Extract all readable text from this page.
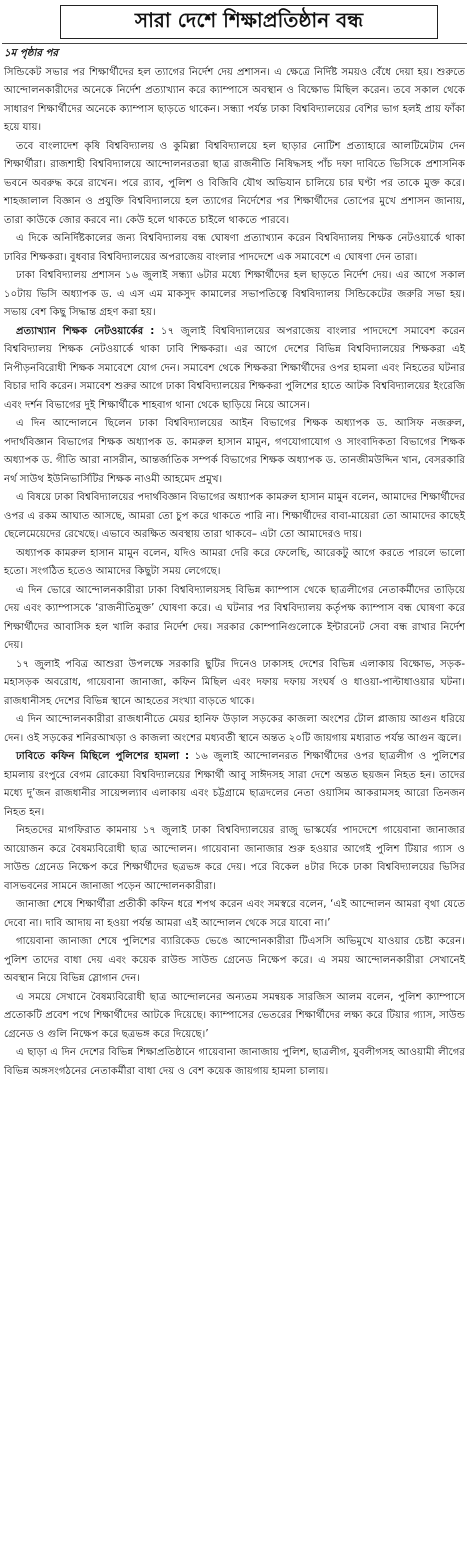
সারা দেশে শিক্ষাপ্রতিষ্ঠান বন্ধ

১ম পৃষ্ঠার পর

সিন্ডিকেট সভার পর শিক্ষার্থীদের হল ত্যাগের নির্দেশ দেয় প্রশাসন। এ ক্ষেত্রে নির্দিষ্ট সময়ও বেঁধে দেয়া হয়। শুরুতে আন্দোলনকারীদের অনেকে নির্দেশ প্রত্যাখ্যান করে ক্যাম্পাসে অবস্থান ও বিক্ষোভ মিছিল করেন। তবে সকাল থেকে সাধারণ শিক্ষার্থীদের অনেকে ক্যাম্পাস ছাড়তে থাকেন। সন্ধ্যা পর্যন্ত ঢাকা বিশ্ববিদ্যালয়ের বেশির ভাগ হলই প্রায় ফাঁকা হয়ে যায়।

তবে বাংলাদেশ কৃষি বিশ্ববিদ্যালয় ও কুমিল্লা বিশ্ববিদ্যালয়ে হল ছাড়ার নোটিশ প্রত্যাহারে আলটিমেটাম দেন শিক্ষার্থীরা। রাজশাহী বিশ্ববিদ্যালয়ে আন্দোলনরতরা ছাত্র রাজনীতি নিষিদ্ধসহ পাঁচ দফা দাবিতে ভিসিকে প্রশাসনিক ভবনে অবরুদ্ধ করে রাখেন। পরে র‌্যাব, পুলিশ ও বিজিবি যৌথ অভিযান চালিয়ে চার ঘণ্টা পর তাকে মুক্ত করে। শাহজালাল বিজ্ঞান ও প্রযুক্তি বিশ্ববিদ্যালয়ে হল ত্যাগের নির্দেশের পর শিক্ষার্থীদের তোপের মুখে প্রশাসন জানায়, তারা কাউকে জোর করবে না। কেউ হলে থাকতে চাইলে থাকতে পারবে।

এ দিকে অনির্দিষ্টকালের জন্য বিশ্ববিদ্যালয় বন্ধ ঘোষণা প্রত্যাখ্যান করেন বিশ্ববিদ্যালয় শিক্ষক নেটওয়ার্কে থাকা ঢাবির শিক্ষকরা। বুধবার বিশ্ববিদ্যালয়ের অপরাজেয় বাংলার পাদদেশে এক সমাবেশে এ ঘোষণা দেন তারা।

ঢাকা বিশ্ববিদ্যালয় প্রশাসন ১৬ জুলাই সন্ধ্যা ৬টার মধ্যে শিক্ষার্থীদের হল ছাড়তে নির্দেশ দেয়। এর আগে সকাল ১০টায় ভিসি অধ্যাপক ড. এ এস এম মাকসুদ কামালের সভাপতিত্বে বিশ্ববিদ্যালয় সিন্ডিকেটের জরুরি সভা হয়। সভায় বেশ কিছু সিদ্ধান্ত গ্রহণ করা হয়।

প্রত্যাখ্যান শিক্ষক নেটওয়ার্কের : ১৭ জুলাই বিশ্ববিদ্যালয়ের অপরাজেয় বাংলার পাদদেশে সমাবেশ করেন বিশ্ববিদ্যালয় শিক্ষক নেটওয়ার্কে থাকা ঢাবি শিক্ষকরা। এর আগে দেশের বিভিন্ন বিশ্ববিদ্যালয়ের শিক্ষকরা এই নিপীড়নবিরোধী শিক্ষক সমাবেশে যোগ দেন। সমাবেশ থেকে শিক্ষকরা শিক্ষার্থীদের ওপর হামলা এবং নিহতের ঘটনার বিচার দাবি করেন। সমাবেশ শুরুর আগে ঢাকা বিশ্ববিদ্যালয়ের শিক্ষকরা পুলিশের হাতে আটক বিশ্ববিদ্যালয়ের ইংরেজি এবং দর্শন বিভাগের দুই শিক্ষার্থীকে শাহবাগ থানা থেকে ছাড়িয়ে নিয়ে আসেন।

এ দিন আন্দোলনে ছিলেন ঢাকা বিশ্ববিদ্যালয়ের আইন বিভাগের শিক্ষক অধ্যাপক ড. আসিফ নজরুল, পদার্থবিজ্ঞান বিভাগের শিক্ষক অধ্যাপক ড. কামরুল হাসান মামুন, গণযোগাযোগ ও সাংবাদিকতা বিভাগের শিক্ষক অধ্যাপক ড. গীতি আরা নাসরীন, আন্তর্জাতিক সম্পর্ক বিভাগের শিক্ষক অধ্যাপক ড. তানজীমউদ্দিন খান, বেসরকারি নর্থ সাউথ ইউনিভার্সিটির শিক্ষক নাওমী আহমেদ প্রমুখ।

এ বিষয়ে ঢাকা বিশ্ববিদ্যালয়ের পদার্থবিজ্ঞান বিভাগের অধ্যাপক কামরুল হাসান মামুন বলেন, আমাদের শিক্ষার্থীদের ওপর এ রকম আঘাত আসছে, আমরা তো চুপ করে থাকতে পারি না। শিক্ষার্থীদের বাবা-মায়েরা তো আমাদের কাছেই ছেলেমেয়েদের রেখেছে। এভাবে অরক্ষিত অবস্থায় তারা থাকবে– এটা তো আমাদেরও দায়।

অধ্যাপক কামরুল হাসান মামুন বলেন, যদিও আমরা দেরি করে ফেলেছি, আরেকটু আগে করতে পারলে ভালো হতো। সংগঠিত হতেও আমাদের কিছুটা সময় লেগেছে।

এ দিন ভোরে আন্দোলনকারীরা ঢাকা বিশ্ববিদ্যালয়সহ বিভিন্ন ক্যাম্পাস থেকে ছাত্রলীগের নেতাকর্মীদের তাড়িয়ে দেয় এবং ক্যাম্পাসকে ‘রাজনীতিমুক্ত’ ঘোষণা করে। এ ঘটনার পর বিশ্ববিদ্যালয় কর্তৃপক্ষ ক্যাম্পাস বন্ধ ঘোষণা করে শিক্ষার্থীদের আবাসিক হল খালি করার নির্দেশ দেয়। সরকার কোম্পানিগুলোকে ইন্টারনেট সেবা বন্ধ রাখার নির্দেশ দেয়।

১৭ জুলাই পবিত্র আশুরা উপলক্ষে সরকারি ছুটির দিনেও ঢাকাসহ দেশের বিভিন্ন এলাকায় বিক্ষোভ, সড়ক-মহাসড়ক অবরোধ, গায়েবানা জানাজা, কফিন মিছিল এবং দফায় দফায় সংঘর্ষ ও ধাওয়া-পাল্টাধাওয়ার ঘটনা। রাজধানীসহ দেশের বিভিন্ন স্থানে আহতের সংখ্যা বাড়তে থাকে।

এ দিন আন্দোলনকারীরা রাজধানীতে মেয়র হানিফ উড়াল সড়কের কাজলা অংশের টোল প্লাজায় আগুন ধরিয়ে দেন। ওই সড়কের শনিরআখড়া ও কাজলা অংশের মধ্যবর্তী স্থানে অন্তত ২০টি জায়গায় মধ্যরাত পর্যন্ত আগুন জ্বলে।

ঢাবিতে কফিন মিছিলে পুলিশের হামলা : ১৬ জুলাই আন্দোলনরত শিক্ষার্থীদের ওপর ছাত্রলীগ ও পুলিশের হামলায় রংপুরে বেগম রোকেয়া বিশ্ববিদ্যালয়ের শিক্ষার্থী আবু সাঈদসহ সারা দেশে অন্তত ছয়জন নিহত হন। তাদের মধ্যে দু’জন রাজধানীর সায়েন্সল্যাব এলাকায় এবং চট্টগ্রামে ছাত্রদলের নেতা ওয়াসিম আকরামসহ আরো তিনজন নিহত হন।

নিহতদের মাগফিরাত কামনায় ১৭ জুলাই ঢাকা বিশ্ববিদ্যালয়ের রাজু ভাস্কর্যের পাদদেশে গায়েবানা জানাজার আয়োজন করে বৈষম্যবিরোধী ছাত্র আন্দোলন। গায়েবানা জানাজার শুরু হওয়ার আগেই পুলিশ টিয়ার গ্যাস ও সাউন্ড গ্রেনেড নিক্ষেপ করে শিক্ষার্থীদের ছত্রভঙ্গ করে দেয়। পরে বিকেল ৪টার দিকে ঢাকা বিশ্ববিদ্যালয়ের ভিসির বাসভবনের সামনে জানাজা পড়েন আন্দোলনকারীরা।

জানাজা শেষে শিক্ষার্থীরা প্রতীকী কফিন ধরে শপথ করেন এবং সমস্বরে বলেন, ‘এই আন্দোলন আমরা বৃথা যেতে দেবো না। দাবি আদায় না হওয়া পর্যন্ত আমরা এই আন্দোলন থেকে সরে যাবো না।’

গায়েবানা জানাজা শেষে পুলিশের ব্যারিকেড ভেঙে আন্দোনকারীরা টিএসসি অভিমুখে যাওয়ার চেষ্টা করেন। পুলিশ তাদের বাধা দেয় এবং কয়েক রাউন্ড সাউন্ড গ্রেনেড নিক্ষেপ করে। এ সময় আন্দোলনকারীরা সেখানেই অবস্থান নিয়ে বিভিন্ন স্লোগান দেন।

এ সময়ে সেখানে বৈষম্যবিরোধী ছাত্র আন্দোলনের অন্যতম সমন্বয়ক সারজিস আলম বলেন, পুলিশ ক্যাম্পাসে প্রতোকটি প্রবেশ পথে শিক্ষার্থীদের আটকে দিয়েছে। ক্যাম্পাসের ভেতরের শিক্ষার্থীদের লক্ষ্য করে টিয়ার গ্যাস, সাউন্ড গ্রেনেড ও গুলি নিক্ষেপ করে ছত্রভঙ্গ করে দিয়েছে।’

এ ছাড়া এ দিন দেশের বিভিন্ন শিক্ষাপ্রতিষ্ঠানে গায়েবানা জানাজায় পুলিশ, ছাত্রলীগ, যুবলীগসহ আওয়ামী লীগের বিভিন্ন অঙ্গসংগঠনের নেতাকর্মীরা বাধা দেয় ও বেশ কয়েক জায়গায় হামলা চালায়।
